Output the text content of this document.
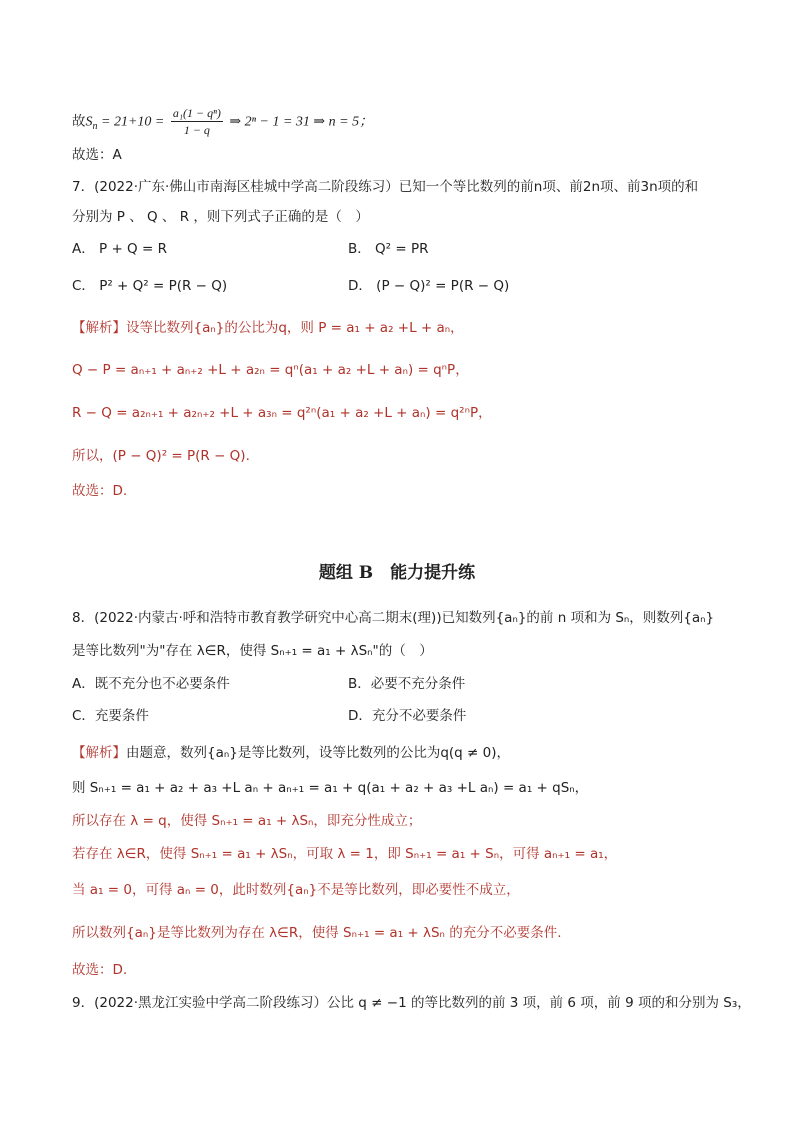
故$S_n = 21+10 = \frac{\text{a₁(1 − qⁿ)}}{1 - q}$ ⇒ 2ⁿ − 1 = 31 ⇒ n = 5；
故选：A
7．(2022·广东·佛山市南海区桂城中学高二阶段练习）已知一个等比数列的前n项、前2n项、前3n项的和
分别为 P 、 Q 、 R ，则下列式子正确的是（　）
A． P + Q = R	B． Q² = PR
C． P² + Q² = P(R − Q)	D． (P − Q)² = P(R − Q)
【解析】设等比数列{aₙ}的公比为q，则 P = a₁ + a₂ +L + aₙ，
Q − P = aₙ₊₁ + aₙ₊₂ +L + a₂ₙ = qⁿ(a₁ + a₂ +L + aₙ) = qⁿP，
R − Q = a₂ₙ₊₁ + a₂ₙ₊₂ +L + a₃ₙ = q²ⁿ(a₁ + a₂ +L + aₙ) = q²ⁿP，
所以，(P − Q)² = P(R − Q).
故选：D.
题组 B　能力提升练
8．(2022·内蒙古·呼和浩特市教育教学研究中心高二期末(理))已知数列{aₙ}的前 n 项和为 Sₙ，则数列{aₙ}
是等比数列"为"存在 λ∈R，使得 Sₙ₊₁ = a₁ + λSₙ"的（　）
A．既不充分也不必要条件	B．必要不充分条件
C．充要条件	D．充分不必要条件
【解析】由题意，数列{aₙ}是等比数列，设等比数列的公比为q(q ≠ 0)，
则 Sₙ₊₁ = a₁ + a₂ + a₃ +L aₙ + aₙ₊₁ = a₁ + q(a₁ + a₂ + a₃ +L aₙ) = a₁ + qSₙ，
所以存在 λ = q，使得 Sₙ₊₁ = a₁ + λSₙ，即充分性成立；
若存在 λ∈R，使得 Sₙ₊₁ = a₁ + λSₙ，可取 λ = 1，即 Sₙ₊₁ = a₁ + Sₙ，可得 aₙ₊₁ = a₁，
当 a₁ = 0，可得 aₙ = 0，此时数列{aₙ}不是等比数列，即必要性不成立，
所以数列{aₙ}是等比数列为存在 λ∈R，使得 Sₙ₊₁ = a₁ + λSₙ 的充分不必要条件.
故选：D.
9．(2022·黑龙江实验中学高二阶段练习）公比 q ≠ −1 的等比数列的前 3 项，前 6 项，前 9 项的和分别为 S₃，
